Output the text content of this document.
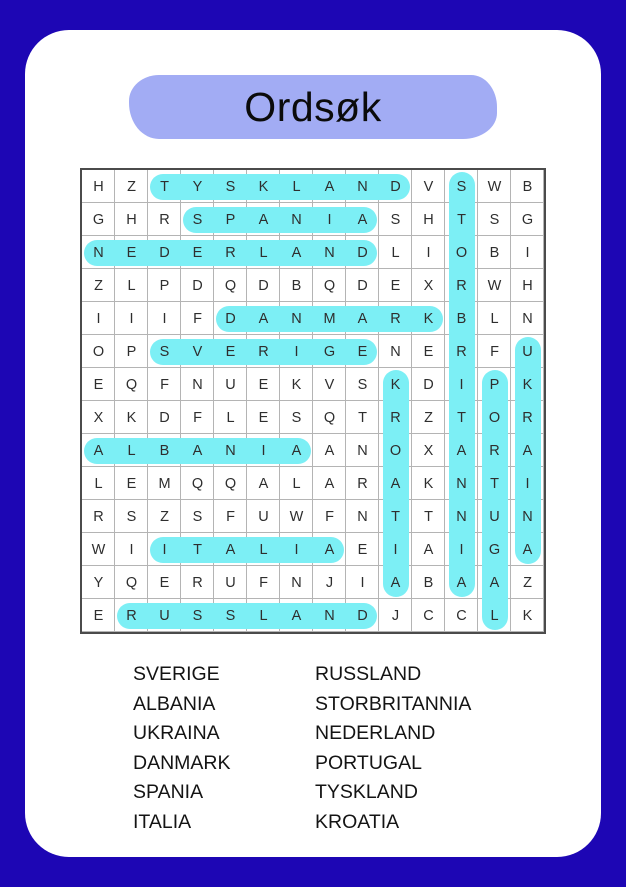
Ordsøk
H	Z	T	Y	S	K	L	A	N	D	V	S	W	B
G	H	R	S	P	A	N	I	A	S	H	T	S	G
N	E	D	E	R	L	A	N	D	L	I	O	B	I
Z	L	P	D	Q	D	B	Q	D	E	X	R	W	H
I	I	I	F	D	A	N	M	A	R	K	B	L	N
O	P	S	V	E	R	I	G	E	N	E	R	F	U
E	Q	F	N	U	E	K	V	S	K	D	I	P	K
X	K	D	F	L	E	S	Q	T	R	Z	T	O	R
A	L	B	A	N	I	A	A	N	O	X	A	R	A
L	E	M	Q	Q	A	L	A	R	A	K	N	T	I
R	S	Z	S	F	U	W	F	N	T	T	N	U	N
W	I	I	T	A	L	I	A	E	I	A	I	G	A
Y	Q	E	R	U	F	N	J	I	A	B	A	A	Z
E	R	U	S	S	L	A	N	D	J	C	C	L	K
SVERIGE
ALBANIA
UKRAINA
DANMARK
SPANIA
ITALIA
RUSSLAND
STORBRITANNIA
NEDERLAND
PORTUGAL
TYSKLAND
KROATIA
